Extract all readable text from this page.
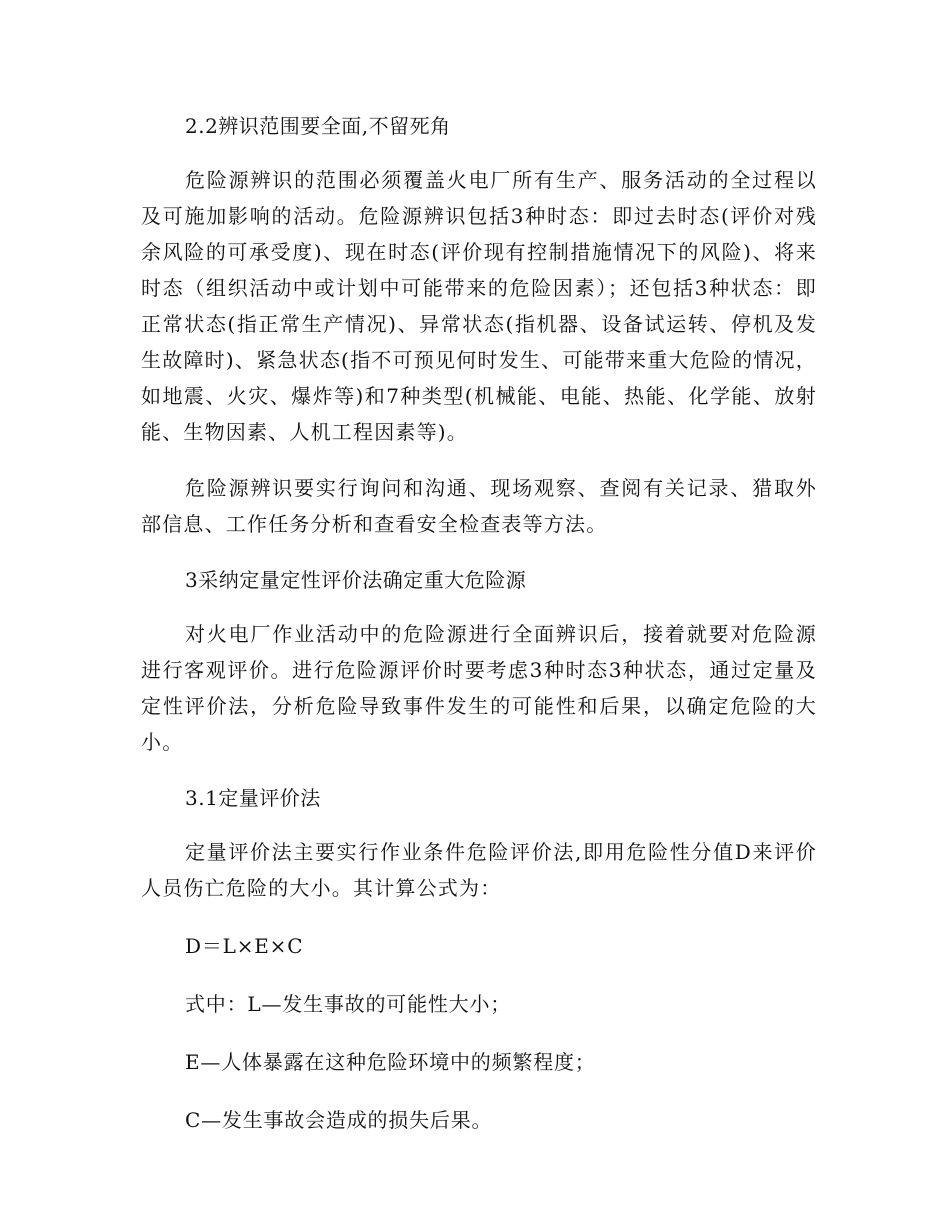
2.2辨识范围要全面,不留死角

危险源辨识的范围必须覆盖火电厂所有生产、服务活动的全过程以及可施加影响的活动。危险源辨识包括3种时态：即过去时态(评价对残余风险的可承受度)、现在时态(评价现有控制措施情况下的风险)、将来时态（组织活动中或计划中可能带来的危险因素）；还包括3种状态：即正常状态(指正常生产情况)、异常状态(指机器、设备试运转、停机及发生故障时)、紧急状态(指不可预见何时发生、可能带来重大危险的情况，如地震、火灾、爆炸等)和7种类型(机械能、电能、热能、化学能、放射能、生物因素、人机工程因素等)。

危险源辨识要实行询问和沟通、现场观察、查阅有关记录、猎取外部信息、工作任务分析和查看安全检查表等方法。

3采纳定量定性评价法确定重大危险源

对火电厂作业活动中的危险源进行全面辨识后，接着就要对危险源进行客观评价。进行危险源评价时要考虑3种时态3种状态，通过定量及定性评价法，分析危险导致事件发生的可能性和后果，以确定危险的大小。

3.1定量评价法

定量评价法主要实行作业条件危险评价法,即用危险性分值D来评价人员伤亡危险的大小。其计算公式为：

D＝L×E×C

式中：L—发生事故的可能性大小；

E—人体暴露在这种危险环境中的频繁程度；

C—发生事故会造成的损失后果。
